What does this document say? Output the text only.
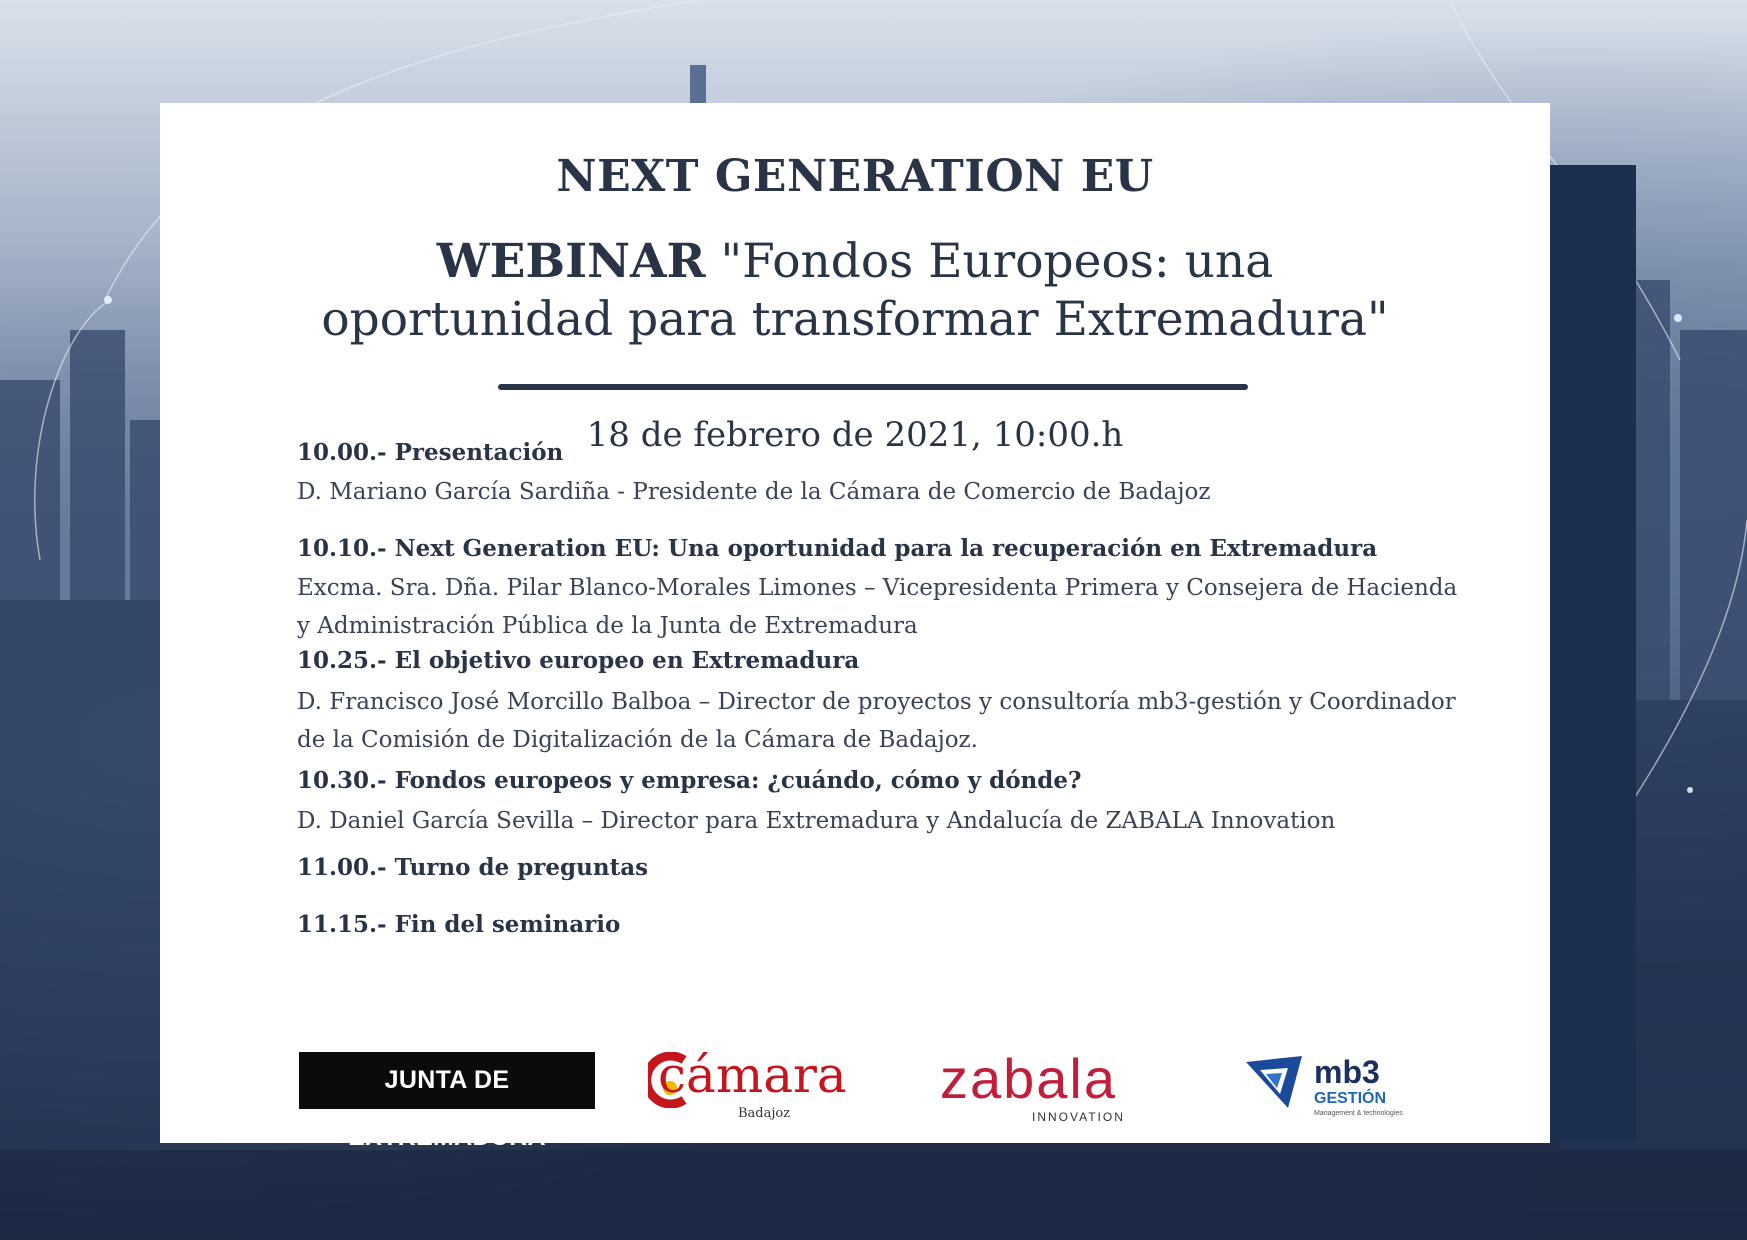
NEXT GENERATION EU
WEBINAR "Fondos Europeos: una
oportunidad para transformar Extremadura"
18 de febrero de 2021, 10:00.h
10.00.- Presentación
D. Mariano García Sardiña - Presidente de la Cámara de Comercio de Badajoz
10.10.- Next Generation EU: Una oportunidad para la recuperación en Extremadura
Excma. Sra. Dña. Pilar Blanco-Morales Limones – Vicepresidenta Primera y Consejera de Hacienda y Administración Pública de la Junta de Extremadura
10.25.- El objetivo europeo en Extremadura
D. Francisco José Morcillo Balboa – Director de proyectos y consultoría mb3-gestión y Coordinador de la Comisión de Digitalización de la Cámara de Badajoz.
10.30.- Fondos europeos y empresa: ¿cuándo, cómo y dónde?
D. Daniel García Sevilla – Director para Extremadura y Andalucía de ZABALA Innovation
11.00.- Turno de preguntas
11.15.- Fin del seminario
JUNTA DE EXTREMADURA
cámara
Badajoz
zabala
INNOVATION
mb3
GESTIÓN
Management & technologies
